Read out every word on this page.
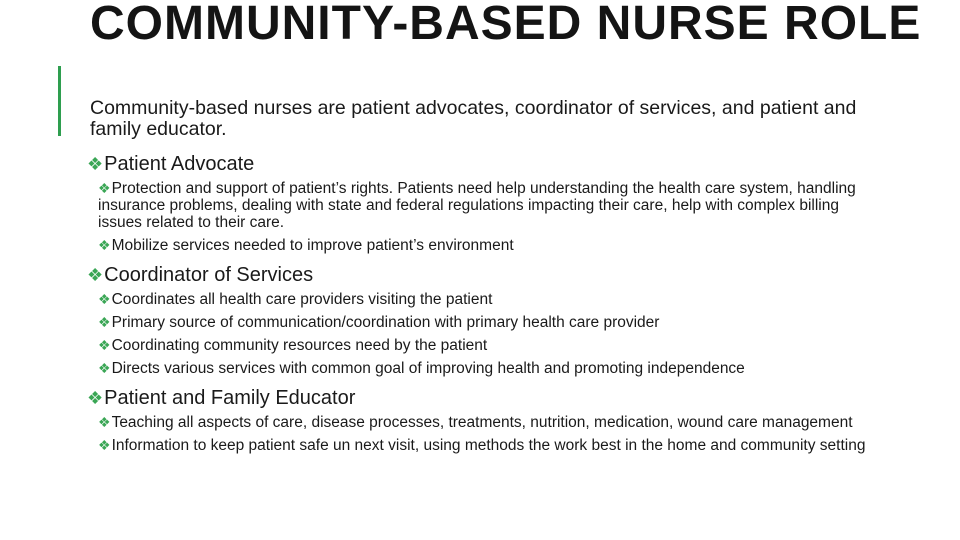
COMMUNITY-BASED NURSE ROLE

Community-based nurses are patient advocates, coordinator of services, and patient and family educator.

❖ Patient Advocate
❖Protection and support of patient’s rights. Patients need help understanding the health care system, handling insurance problems, dealing with state and federal regulations impacting their care, help with complex billing issues related to their care.
❖Mobilize services needed to improve patient’s environment
❖ Coordinator of Services
❖Coordinates all health care providers visiting the patient
❖Primary source of communication/coordination with primary health care provider
❖Coordinating community resources need by the patient
❖Directs various services with common goal of improving health and promoting independence
❖ Patient and Family Educator
❖Teaching all aspects of care, disease processes, treatments, nutrition, medication, wound care management
❖Information to keep patient safe un next visit, using methods the work best in the home and community setting
